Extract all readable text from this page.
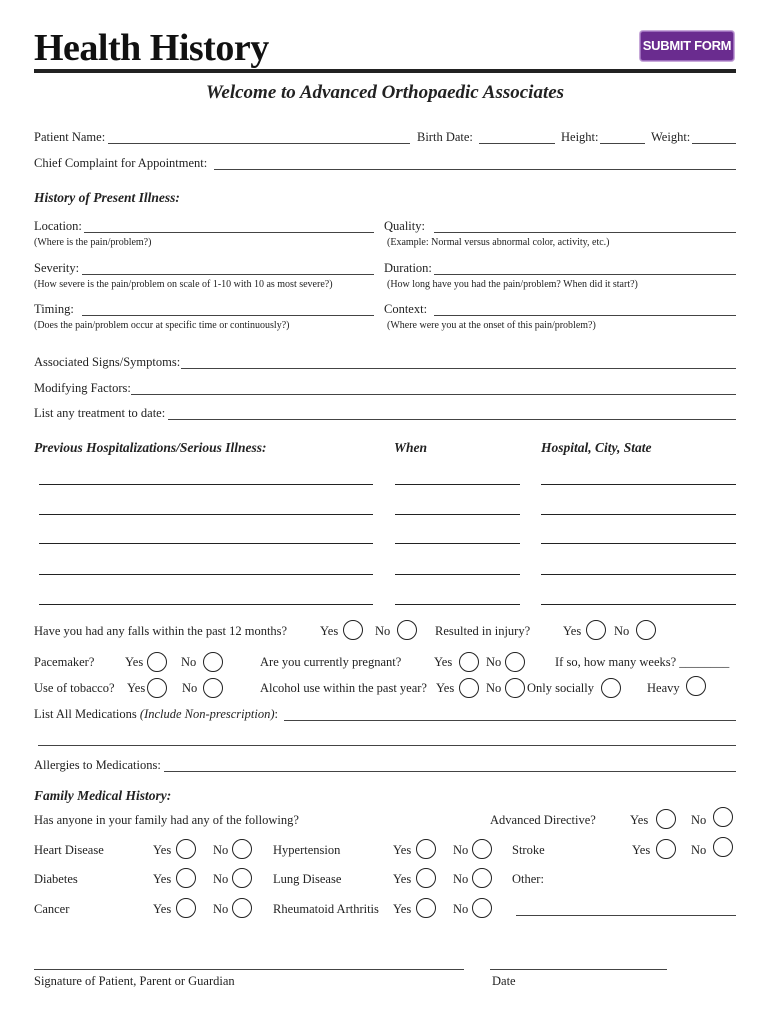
Health History	SUBMIT FORM
Welcome to Advanced Orthopaedic Associates
Patient Name:	Birth Date:	Height:	Weight:
Chief Complaint for Appointment:
History of Present Illness:
Location:
(Where is the pain/problem?)
Quality:
(Example: Normal versus abnormal color, activity, etc.)
Severity:
(How severe is the pain/problem on scale of 1-10 with 10 as most severe?)
Duration:
(How long have you had the pain/problem? When did it start?)
Timing:
(Does the pain/problem occur at specific time or continuously?)
Context:
(Where were you at the onset of this pain/problem?)
Associated Signs/Symptoms:
Modifying Factors:
List any treatment to date:
Previous Hospitalizations/Serious Illness:	When	Hospital, City, State
Have you had any falls within the past 12 months?	Yes	No	Resulted in injury?	Yes	No
Pacemaker? Yes	No	Are you currently pregnant?	Yes	No	If so, how many weeks? ________
Use of tobacco? Yes	No	Alcohol use within the past year? Yes	No Only socially	Heavy
List All Medications (Include Non-prescription):
Allergies to Medications:
Family Medical History:
Has anyone in your family had any of the following?	Advanced Directive?	Yes	No
Heart Disease	Yes	No	Hypertension	Yes	No	Stroke	Yes	No
Diabetes	Yes	No	Lung Disease	Yes	No	Other:
Cancer	Yes	No	Rheumatoid Arthritis Yes	No
Signature of Patient, Parent or Guardian	Date
